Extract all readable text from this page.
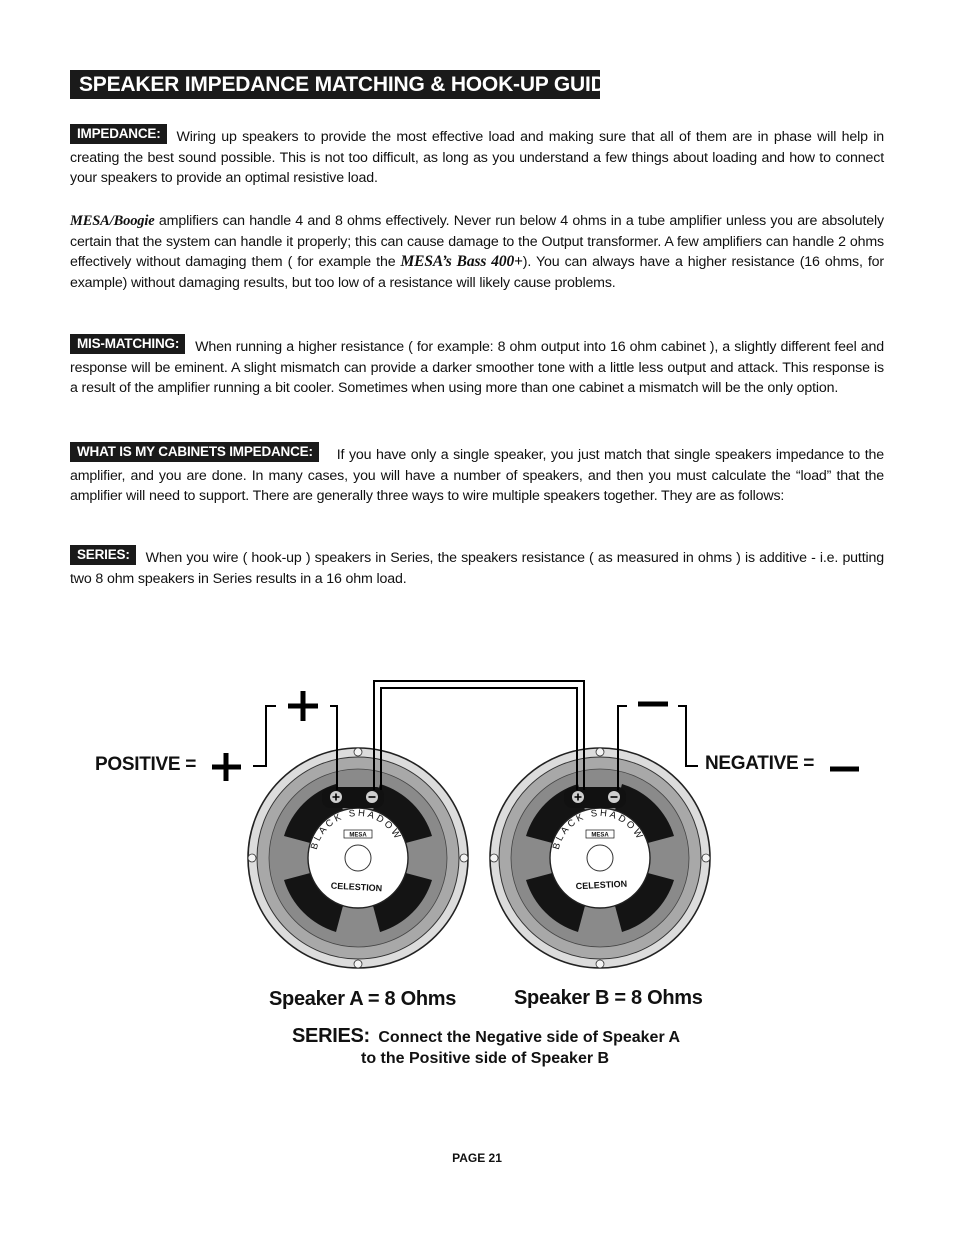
SPEAKER IMPEDANCE MATCHING & HOOK-UP GUIDE:

IMPEDANCE: Wiring up speakers to provide the most effective load and making sure that all of them are in phase will help in creating the best sound possible. This is not too difficult, as long as you understand a few things about loading and how to connect your speakers to provide an optimal resistive load.

MESA/Boogie amplifiers can handle 4 and 8 ohms effectively. Never run below 4 ohms in a tube amplifier unless you are absolutely certain that the system can handle it properly; this can cause damage to the Output transformer. A few amplifiers can handle 2 ohms effectively without damaging them ( for example the MESA’s Bass 400+). You can always have a higher resistance (16 ohms, for example) without damaging results, but too low of a resistance will likely cause problems.

MIS-MATCHING: When running a higher resistance ( for example: 8 ohm output into 16 ohm cabinet ), a slightly different feel and response will be eminent. A slight mismatch can provide a darker smoother tone with a little less output and attack. This response is a result of the amplifier running a bit cooler. Sometimes when using more than one cabinet a mismatch will be the only option.

WHAT IS MY CABINETS IMPEDANCE: If you have only a single speaker, you just match that single speakers impedance to the amplifier, and you are done. In many cases, you will have a number of speakers, and then you must calculate the “load” that the amplifier will need to support. There are generally three ways to wire multiple speakers together. They are as follows:

SERIES: When you wire ( hook-up ) speakers in Series, the speakers resistance ( as measured in ohms ) is additive - i.e. putting two 8 ohm speakers in Series results in a 16 ohm load.

BLACK SHADOW
MESA
CELESTION
BLACK SHADOW
MESA
CELESTION
POSITIVE =	NEGATIVE =
Speaker A = 8 Ohms	Speaker B = 8 Ohms
SERIES: Connect the Negative side of Speaker A
to the Positive side of Speaker B
PAGE 21
